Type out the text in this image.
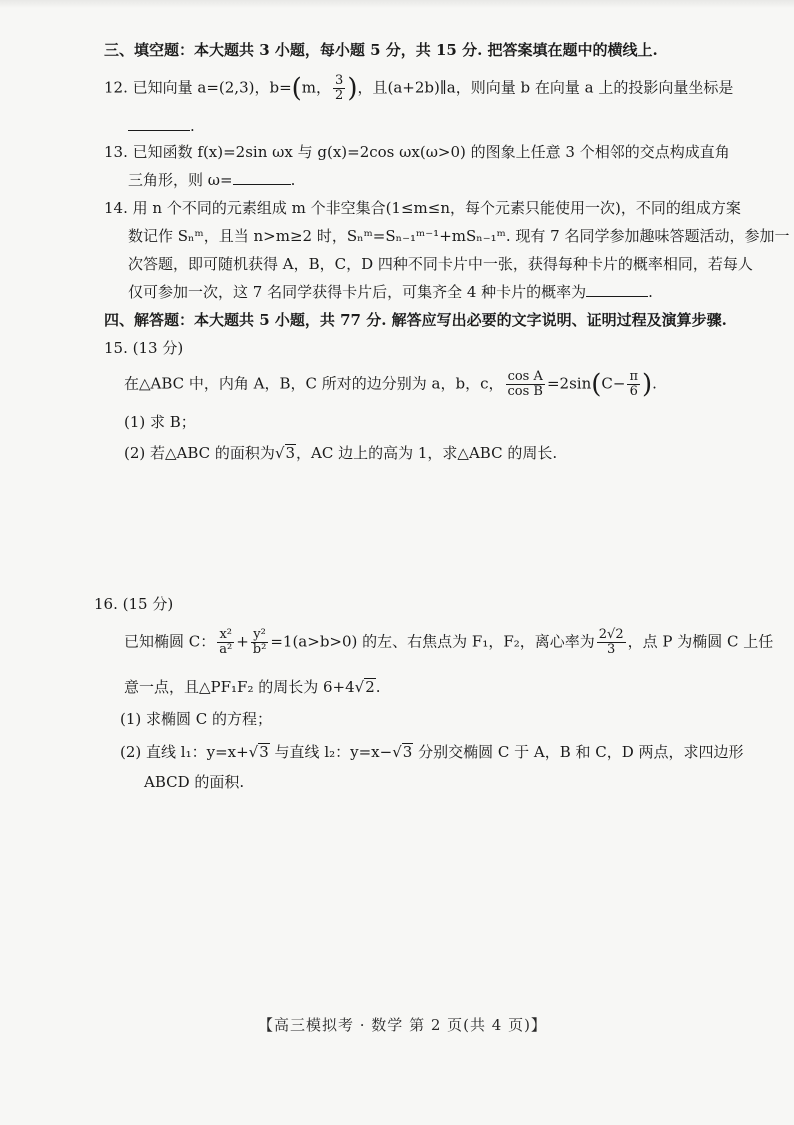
三、填空题：本大题共 3 小题，每小题 5 分，共 15 分. 把答案填在题中的横线上.
12. 已知向量 a=(2,3)，b=(m， $\frac{3}{2}$ )，且(a+2b)∥a，则向量 b 在向量 a 上的投影向量坐标是
.
13. 已知函数 f(x)=2sin ωx 与 g(x)=2cos ωx(ω>0) 的图象上任意 3 个相邻的交点构成直角
三角形，则 ω=	.
14. 用 n 个不同的元素组成 m 个非空集合(1≤m≤n，每个元素只能使用一次)，不同的组成方案
数记作 Sₙᵐ，且当 n>m≥2 时，Sₙᵐ=Sₙ₋₁ᵐ⁻¹+mSₙ₋₁ᵐ. 现有 7 名同学参加趣味答题活动，参加一
次答题，即可随机获得 A，B，C，D 四种不同卡片中一张，获得每种卡片的概率相同，若每人
仅可参加一次，这 7 名同学获得卡片后，可集齐全 4 种卡片的概率为	.
四、解答题：本大题共 5 小题，共 77 分. 解答应写出必要的文字说明、证明过程及演算步骤.
15. (13 分)
在△ABC 中，内角 A，B，C 所对的边分别为 a，b，c， $\frac{\text{cos A}}{\text{cos B}} =2\sin(C- \frac{\pi}{6}$ ).
(1) 求 B；
(2) 若△ABC 的面积为√3，AC 边上的高为 1，求△ABC 的周长.
16. (15 分)
已知椭圆 C： $\frac{\text{x²}}{\text{a²}} + \frac{\text{y²}}{\text{b²}} =1(a>b>0)$ 的左、右焦点为 F₁，F₂，离心率为 $\frac{2√2}{3}$ ，点 P 为椭圆 C 上任
意一点，且△PF₁F₂ 的周长为 6+4√2.
(1) 求椭圆 C 的方程；
(2) 直线 l₁：y=x+√3 与直线 l₂：y=x−√3 分别交椭圆 C 于 A，B 和 C，D 两点，求四边形
ABCD 的面积.
【高三模拟考 · 数学 第 2 页(共 4 页)】
